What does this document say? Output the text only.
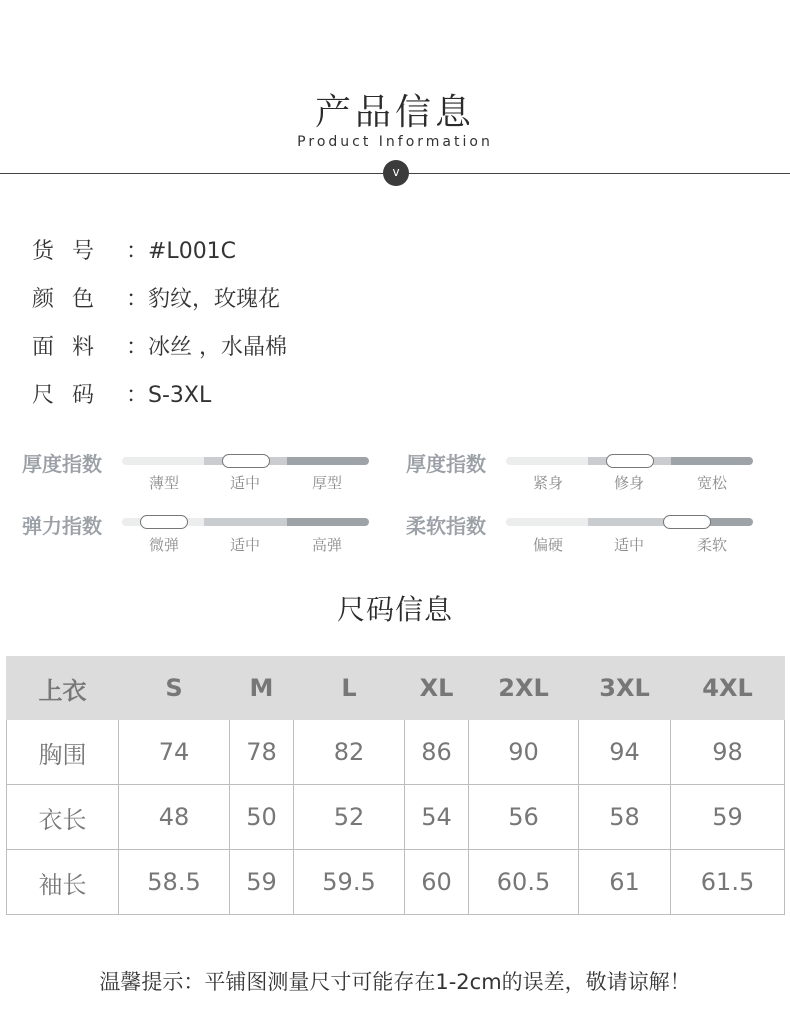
产品信息
Product Information
v
货号 ：#L001C
颜色 ：豹纹，玫瑰花
面料 ：冰丝 ，水晶棉
尺码 ：S-3XL
厚度指数
薄型	适中	厚型
厚度指数
紧身	修身	宽松
弹力指数
微弹	适中	高弹
柔软指数
偏硬	适中	柔软
尺码信息
上衣	S	M	L	XL	2XL	3XL	4XL
胸围	74	78	82	86	90	94	98
衣长	48	50	52	54	56	58	59
袖长	58.5	59	59.5	60	60.5	61	61.5
温馨提示：平铺图测量尺寸可能存在1-2cm的误差，敬请谅解！
